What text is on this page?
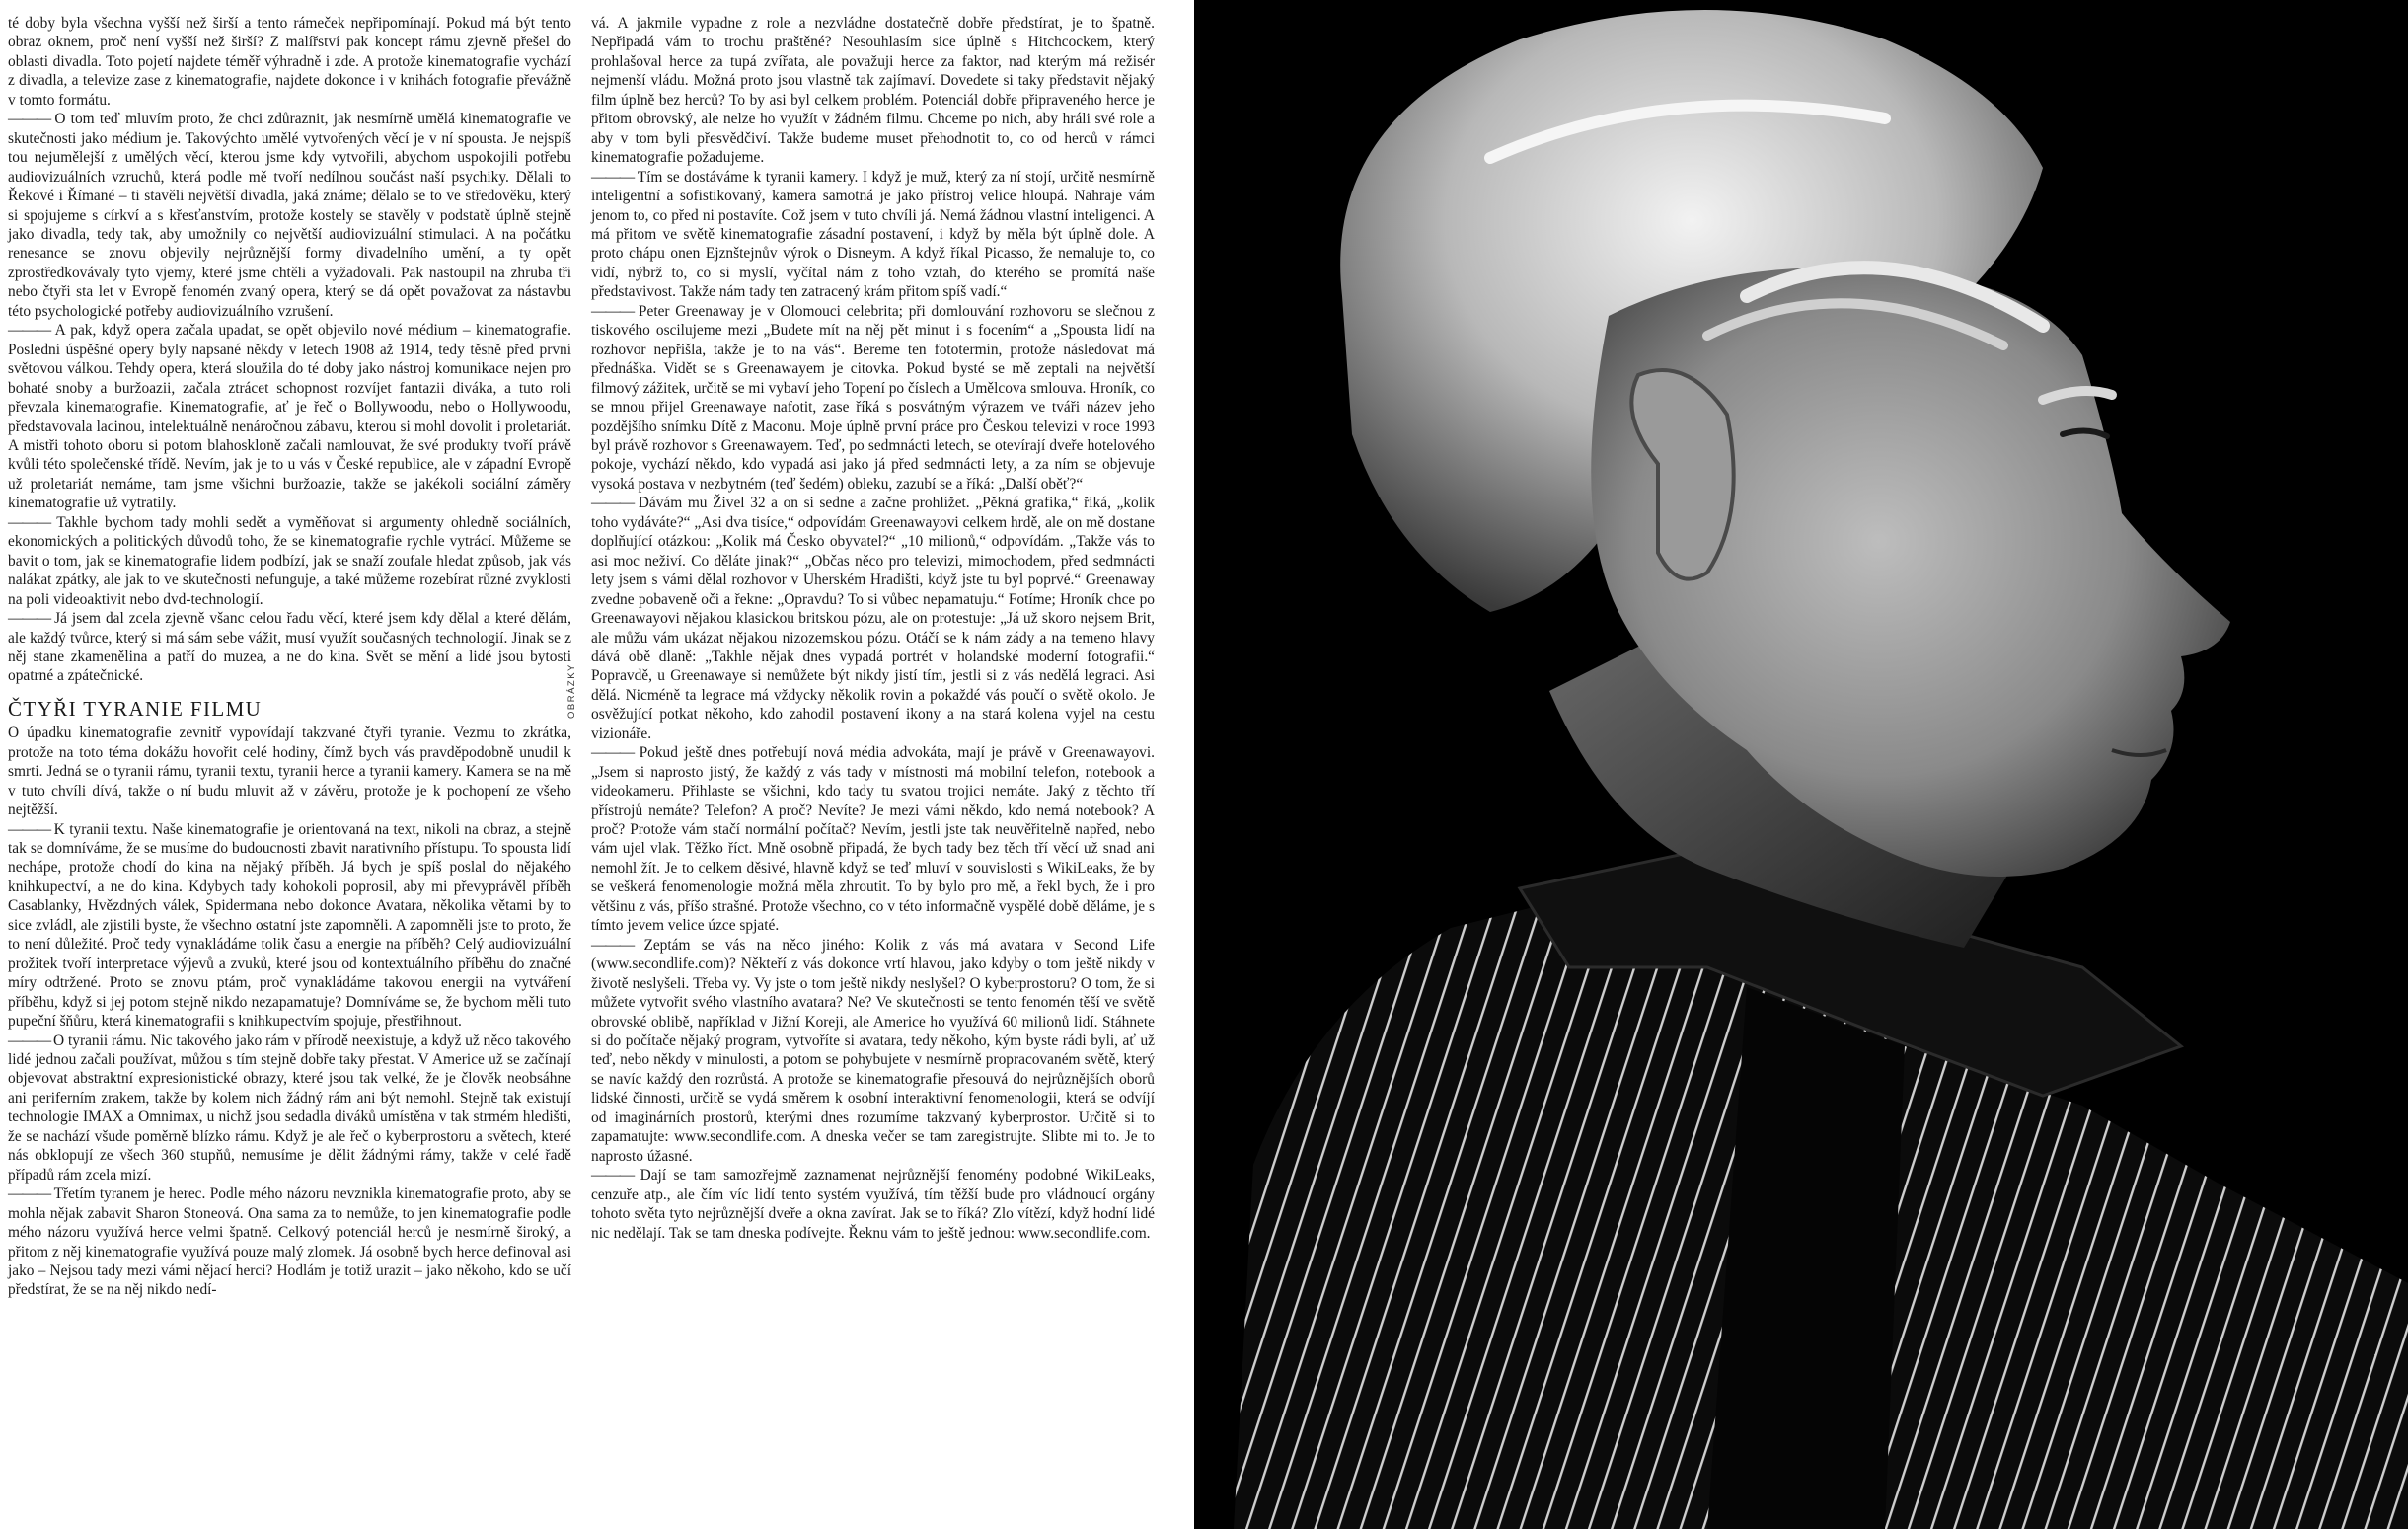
té doby byla všechna vyšší než širší a tento rámeček nepřipomínají. Pokud má být tento obraz oknem, proč není vyšší než širší? Z malířství pak koncept rámu zjevně přešel do oblasti divadla. Toto pojetí najdete téměř výhradně i zde. A protože kinematografie vychází z divadla, a televize zase z kinematografie, najdete dokonce i v knihách fotografie převážně v tomto formátu.

——— O tom teď mluvím proto, že chci zdůraznit, jak nesmírně umělá kinematografie ve skutečnosti jako médium je. Takovýchto umělé vytvořených věcí je v ní spousta. Je nejspíš tou nejumělejší z umělých věcí, kterou jsme kdy vytvořili, abychom uspokojili potřebu audiovizuálních vzruchů, která podle mě tvoří nedílnou součást naší psychiky. Dělali to Řekové i Římané – ti stavěli největší divadla, jaká známe; dělalo se to ve středověku, který si spojujeme s církví a s křesťanstvím, protože kostely se stavěly v podstatě úplně stejně jako divadla, tedy tak, aby umožnily co největší audiovizuální stimulaci. A na počátku renesance se znovu objevily nejrůznější formy divadelního umění, a ty opět zprostředkovávaly tyto vjemy, které jsme chtěli a vyžadovali. Pak nastoupil na zhruba tři nebo čtyři sta let v Evropě fenomén zvaný opera, který se dá opět považovat za nástavbu této psychologické potřeby audiovizuálního vzrušení.

——— A pak, když opera začala upadat, se opět objevilo nové médium – kinematografie. Poslední úspěšné opery byly napsané někdy v letech 1908 až 1914, tedy těsně před první světovou válkou. Tehdy opera, která sloužila do té doby jako nástroj komunikace nejen pro bohaté snoby a buržoazii, začala ztrácet schopnost rozvíjet fantazii diváka, a tuto roli převzala kinematografie. Kinematografie, ať je řeč o Bollywoodu, nebo o Hollywoodu, představovala lacinou, intelektuálně nenáročnou zábavu, kterou si mohl dovolit i proletariát. A mistři tohoto oboru si potom blahoskloně začali namlouvat, že své produkty tvoří právě kvůli této společenské třídě. Nevím, jak je to u vás v České republice, ale v západní Evropě už proletariát nemáme, tam jsme všichni buržoazie, takže se jakékoli sociální záměry kinematografie už vytratily.

——— Takhle bychom tady mohli sedět a vyměňovat si argumenty ohledně sociálních, ekonomických a politických důvodů toho, že se kinematografie rychle vytrácí. Můžeme se bavit o tom, jak se kinematografie lidem podbízí, jak se snaží zoufale hledat způsob, jak vás nalákat zpátky, ale jak to ve skutečnosti nefunguje, a také můžeme rozebírat různé zvyklosti na poli videoaktivit nebo dvd-technologií.

——— Já jsem dal zcela zjevně všanc celou řadu věcí, které jsem kdy dělal a které dělám, ale každý tvůrce, který si má sám sebe vážit, musí využít současných technologií. Jinak se z něj stane zkamenělina a patří do muzea, a ne do kina. Svět se mění a lidé jsou bytosti opatrné a zpátečnické.

ČTYŘI TYRANIE FILMU

O úpadku kinematografie zevnitř vypovídají takzvané čtyři tyranie. Vezmu to zkrátka, protože na toto téma dokážu hovořit celé hodiny, čímž bych vás pravděpodobně unudil k smrti. Jedná se o tyranii rámu, tyranii textu, tyranii herce a tyranii kamery. Kamera se na mě v tuto chvíli dívá, takže o ní budu mluvit až v závěru, protože je k pochopení ze všeho nejtěžší.

——— K tyranii textu. Naše kinematografie je orientovaná na text, nikoli na obraz, a stejně tak se domníváme, že se musíme do budoucnosti zbavit narativního přístupu. To spousta lidí nechápe, protože chodí do kina na nějaký příběh. Já bych je spíš poslal do nějakého knihkupectví, a ne do kina. Kdybych tady kohokoli poprosil, aby mi převyprávěl příběh Casablanky, Hvězdných válek, Spidermana nebo dokonce Avatara, několika větami by to sice zvládl, ale zjistili byste, že všechno ostatní jste zapomněli. A zapomněli jste to proto, že to není důležité. Proč tedy vynakládáme tolik času a energie na příběh? Celý audiovizuální prožitek tvoří interpretace výjevů a zvuků, které jsou od kontextuálního příběhu do značné míry odtržené. Proto se znovu ptám, proč vynakládáme takovou energii na vytváření příběhu, když si jej potom stejně nikdo nezapamatuje? Domníváme se, že bychom měli tuto pupeční šňůru, která kinematografii s knihkupectvím spojuje, přestřihnout.

——— O tyranii rámu. Nic takového jako rám v přírodě neexistuje, a když už něco takového lidé jednou začali používat, můžou s tím stejně dobře taky přestat. V Americe už se začínají objevovat abstraktní expresionistické obrazy, které jsou tak velké, že je člověk neobsáhne ani periferním zrakem, takže by kolem nich žádný rám ani být nemohl. Stejně tak existují technologie IMAX a Omnimax, u nichž jsou sedadla diváků umístěna v tak strmém hledišti, že se nachází všude poměrně blízko rámu. Když je ale řeč o kyberprostoru a světech, které nás obklopují ze všech 360 stupňů, nemusíme je dělit žádnými rámy, takže v celé řadě případů rám zcela mizí.

——— Třetím tyranem je herec. Podle mého názoru nevznikla kinematografie proto, aby se mohla nějak zabavit Sharon Stoneová. Ona sama za to nemůže, to jen kinematografie podle mého názoru využívá herce velmi špatně. Celkový potenciál herců je nesmírně široký, a přitom z něj kinematografie využívá pouze malý zlomek. Já osobně bych herce definoval asi jako – Nejsou tady mezi vámi nějací herci? Hodlám je totiž urazit – jako někoho, kdo se učí předstírat, že se na něj nikdo nedí-

OBRÁZKY

vá. A jakmile vypadne z role a nezvládne dostatečně dobře předstírat, je to špatně. Nepřipadá vám to trochu praštěné? Nesouhlasím sice úplně s Hitchcockem, který prohlašoval herce za tupá zvířata, ale považuji herce za faktor, nad kterým má režisér nejmenší vládu. Možná proto jsou vlastně tak zajímaví. Dovedete si taky představit nějaký film úplně bez herců? To by asi byl celkem problém. Potenciál dobře připraveného herce je přitom obrovský, ale nelze ho využít v žádném filmu. Chceme po nich, aby hráli své role a aby v tom byli přesvědčiví. Takže budeme muset přehodnotit to, co od herců v rámci kinematografie požadujeme.

——— Tím se dostáváme k tyranii kamery. I když je muž, který za ní stojí, určitě nesmírně inteligentní a sofistikovaný, kamera samotná je jako přístroj velice hloupá. Nahraje vám jenom to, co před ni postavíte. Což jsem v tuto chvíli já. Nemá žádnou vlastní inteligenci. A má přitom ve světě kinematografie zásadní postavení, i když by měla být úplně dole. A proto chápu onen Ejznštejnův výrok o Disneym. A když říkal Picasso, že nemaluje to, co vidí, nýbrž to, co si myslí, vyčítal nám z toho vztah, do kterého se promítá naše představivost. Takže nám tady ten zatracený krám přitom spíš vadí.“

——— Peter Greenaway je v Olomouci celebrita; při domlouvání rozhovoru se slečnou z tiskového oscilujeme mezi „Budete mít na něj pět minut i s focením“ a „Spousta lidí na rozhovor nepřišla, takže je to na vás“. Bereme ten fototermín, protože následovat má přednáška. Vidět se s Greenawayem je citovka. Pokud bysté se mě zeptali na největší filmový zážitek, určitě se mi vybaví jeho Topení po číslech a Umělcova smlouva. Hroník, co se mnou přijel Greenawaye nafotit, zase říká s posvátným výrazem ve tváři název jeho pozdějšího snímku Dítě z Maconu. Moje úplně první práce pro Českou televizi v roce 1993 byl právě rozhovor s Greenawayem. Teď, po sedmnácti letech, se otevírají dveře hotelového pokoje, vychází někdo, kdo vypadá asi jako já před sedmnácti lety, a za ním se objevuje vysoká postava v nezbytném (teď šedém) obleku, zazubí se a říká: „Další oběť?“

——— Dávám mu Živel 32 a on si sedne a začne prohlížet. „Pěkná grafika,“ říká, „kolik toho vydáváte?“ „Asi dva tisíce,“ odpovídám Greenawayovi celkem hrdě, ale on mě dostane doplňující otázkou: „Kolik má Česko obyvatel?“ „10 milionů,“ odpovídám. „Takže vás to asi moc neživí. Co děláte jinak?“ „Občas něco pro televizi, mimochodem, před sedmnácti lety jsem s vámi dělal rozhovor v Uherském Hradišti, když jste tu byl poprvé.“ Greenaway zvedne pobaveně oči a řekne: „Opravdu? To si vůbec nepamatuju.“ Fotíme; Hroník chce po Greenawayovi nějakou klasickou britskou pózu, ale on protestuje: „Já už skoro nejsem Brit, ale můžu vám ukázat nějakou nizozemskou pózu. Otáčí se k nám zády a na temeno hlavy dává obě dlaně: „Takhle nějak dnes vypadá portrét v holandské moderní fotografii.“ Popravdě, u Greenawaye si nemůžete být nikdy jistí tím, jestli si z vás nedělá legraci. Asi dělá. Nicméně ta legrace má vždycky několik rovin a pokaždé vás poučí o světě okolo. Je osvěžující potkat někoho, kdo zahodil postavení ikony a na stará kolena vyjel na cestu vizionáře.

——— Pokud ještě dnes potřebují nová média advokáta, mají je právě v Greenawayovi. „Jsem si naprosto jistý, že každý z vás tady v místnosti má mobilní telefon, notebook a videokameru. Přihlaste se všichni, kdo tady tu svatou trojici nemáte. Jaký z těchto tří přístrojů nemáte? Telefon? A proč? Nevíte? Je mezi vámi někdo, kdo nemá notebook? A proč? Protože vám stačí normální počítač? Nevím, jestli jste tak neuvěřitelně napřed, nebo vám ujel vlak. Těžko říct. Mně osobně připadá, že bych tady bez těch tří věcí už snad ani nemohl žít. Je to celkem děsivé, hlavně když se teď mluví v souvislosti s WikiLeaks, že by se veškerá fenomenologie možná měla zhroutit. To by bylo pro mě, a řekl bych, že i pro většinu z vás, příšo strašné. Protože všechno, co v této informačně vyspělé době děláme, je s tímto jevem velice úzce spjaté.

——— Zeptám se vás na něco jiného: Kolik z vás má avatara v Second Life (www.secondlife.com)? Někteří z vás dokonce vrtí hlavou, jako kdyby o tom ještě nikdy v životě neslyšeli. Třeba vy. Vy jste o tom ještě nikdy neslyšel? O kyberprostoru? O tom, že si můžete vytvořit svého vlastního avatara? Ne? Ve skutečnosti se tento fenomén těší ve světě obrovské oblibě, například v Jižní Koreji, ale Americe ho využívá 60 milionů lidí. Stáhnete si do počítače nějaký program, vytvoříte si avatara, tedy někoho, kým byste rádi byli, ať už teď, nebo někdy v minulosti, a potom se pohybujete v nesmírně propracovaném světě, který se navíc každý den rozrůstá. A protože se kinematografie přesouvá do nejrůznějších oborů lidské činnosti, určitě se vydá směrem k osobní interaktivní fenomenologii, která se odvíjí od imaginárních prostorů, kterými dnes rozumíme takzvaný kyberprostor. Určitě si to zapamatujte: www.secondlife.com. A dneska večer se tam zaregistrujte. Slibte mi to. Je to naprosto úžasné.

——— Dají se tam samozřejmě zaznamenat nejrůznější fenomény podobné WikiLeaks, cenzuře atp., ale čím víc lidí tento systém využívá, tím těžší bude pro vládnoucí orgány tohoto světa tyto nejrůznější dveře a okna zavírat. Jak se to říká? Zlo vítězí, když hodní lidé nic nedělají. Tak se tam dneska podívejte. Řeknu vám to ještě jednou: www.secondlife.com.
